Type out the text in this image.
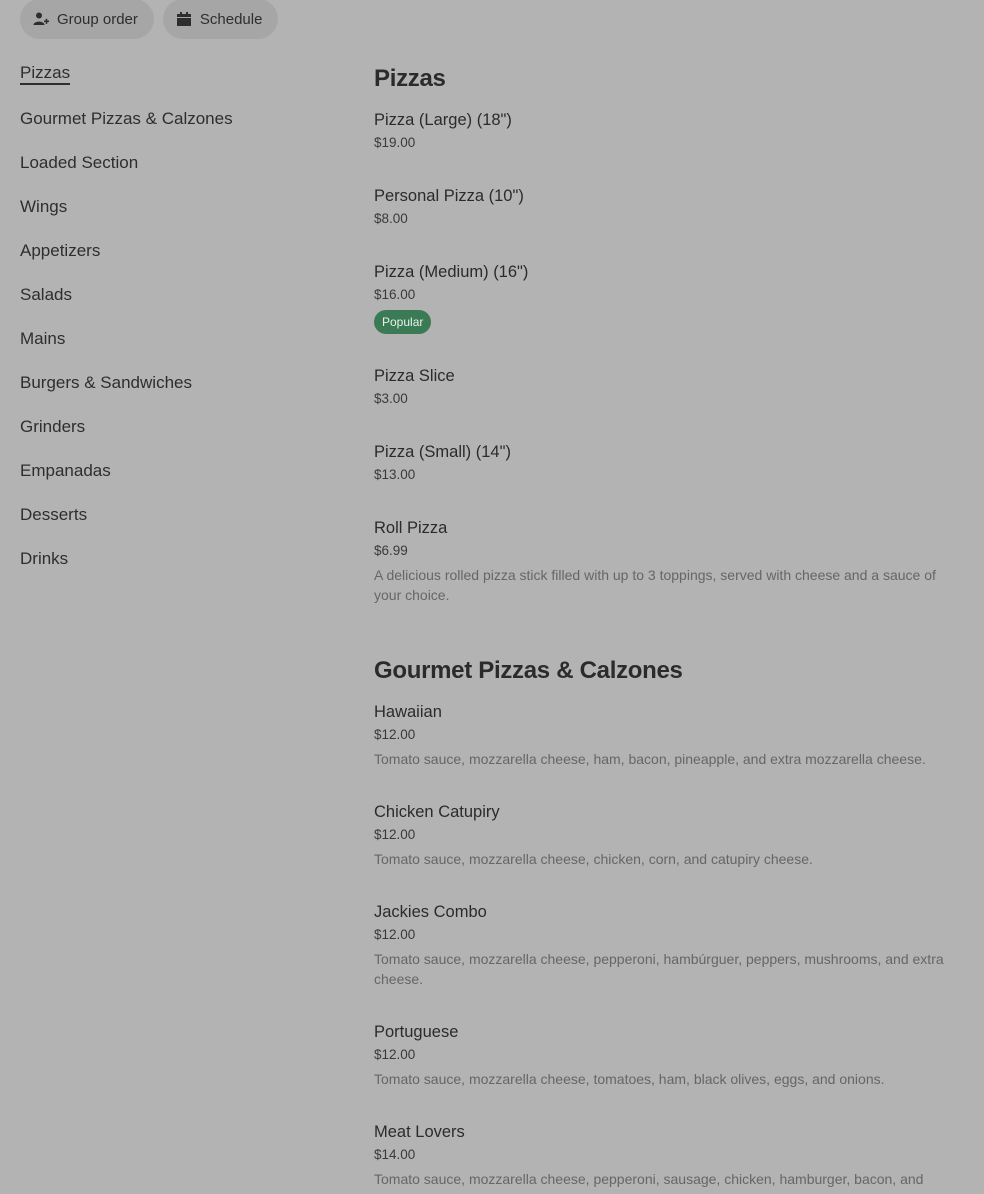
Group order	Schedule
Pizzas
Gourmet Pizzas & Calzones
Loaded Section
Wings
Appetizers
Salads
Mains
Burgers & Sandwiches
Grinders
Empanadas
Desserts
Drinks
Pizzas
Pizza (Large) (18")
$19.00
Personal Pizza (10")
$8.00
Pizza (Medium) (16")
$16.00
Popular
Pizza Slice
$3.00
Pizza (Small) (14")
$13.00
Roll Pizza
$6.99
A delicious rolled pizza stick filled with up to 3 toppings, served with cheese and a sauce of your choice.
Gourmet Pizzas & Calzones
Hawaiian
$12.00
Tomato sauce, mozzarella cheese, ham, bacon, pineapple, and extra mozzarella cheese.
Chicken Catupiry
$12.00
Tomato sauce, mozzarella cheese, chicken, corn, and catupiry cheese.
Jackies Combo
$12.00
Tomato sauce, mozzarella cheese, pepperoni, hambúrguer, peppers, mushrooms, and extra cheese.
Portuguese
$12.00
Tomato sauce, mozzarella cheese, tomatoes, ham, black olives, eggs, and onions.
Meat Lovers
$14.00
Tomato sauce, mozzarella cheese, pepperoni, sausage, chicken, hamburger, bacon, and
